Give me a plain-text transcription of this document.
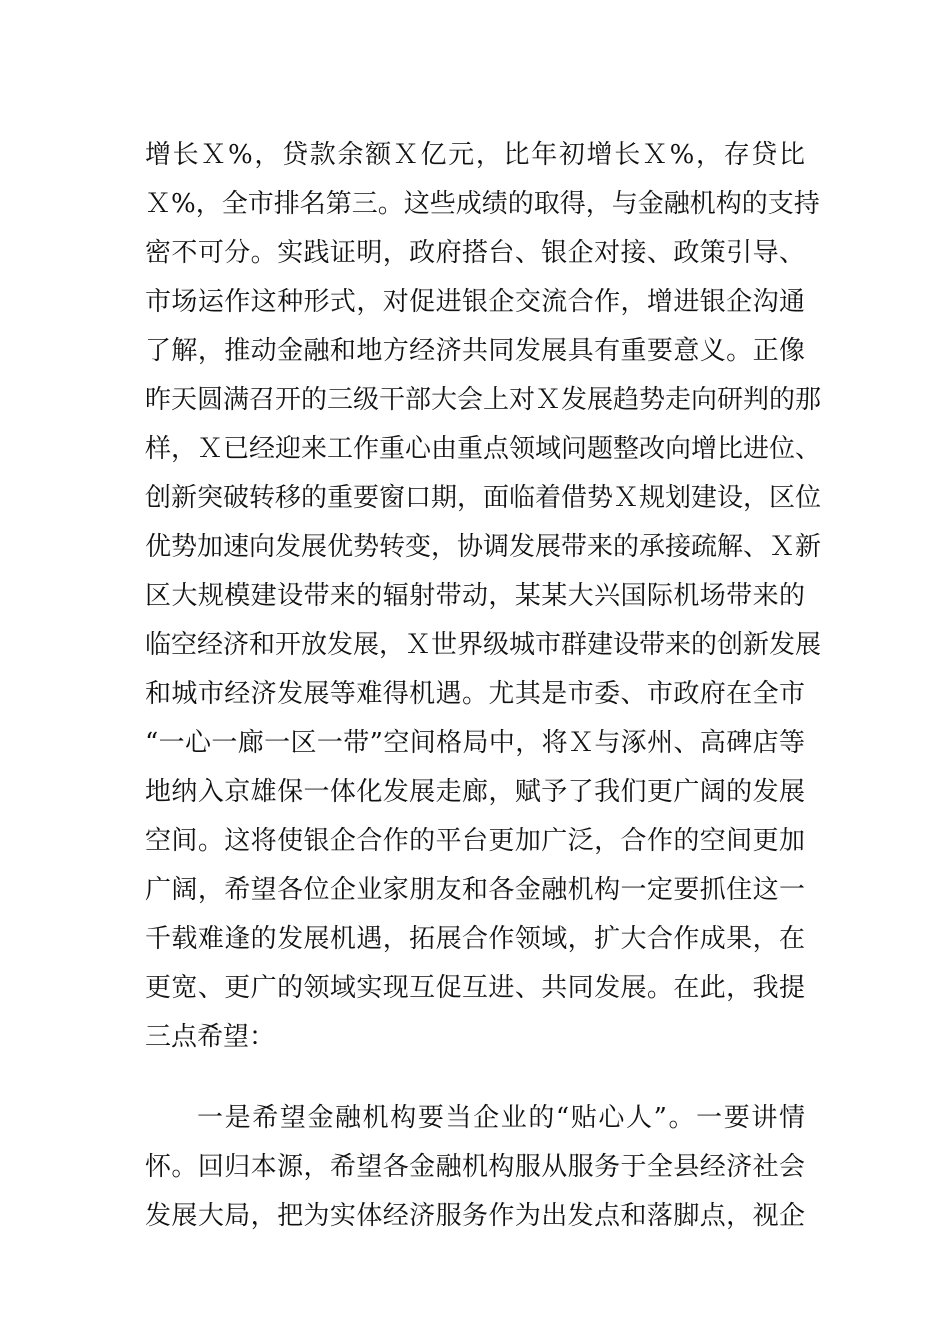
增长Ｘ%，贷款余额Ｘ亿元，比年初增长Ｘ%，存贷比
Ｘ%，全市排名第三。这些成绩的取得，与金融机构的支持
密不可分。实践证明，政府搭台、银企对接、政策引导、
市场运作这种形式，对促进银企交流合作，增进银企沟通
了解，推动金融和地方经济共同发展具有重要意义。正像
昨天圆满召开的三级干部大会上对Ｘ发展趋势走向研判的那
样，Ｘ已经迎来工作重心由重点领域问题整改向增比进位、
创新突破转移的重要窗口期，面临着借势Ｘ规划建设，区位
优势加速向发展优势转变，协调发展带来的承接疏解、Ｘ新
区大规模建设带来的辐射带动，某某大兴国际机场带来的
临空经济和开放发展，Ｘ世界级城市群建设带来的创新发展
和城市经济发展等难得机遇。尤其是市委、市政府在全市
“一心一廊一区一带”空间格局中，将Ｘ与涿州、高碑店等
地纳入京雄保一体化发展走廊，赋予了我们更广阔的发展
空间。这将使银企合作的平台更加广泛，合作的空间更加
广阔，希望各位企业家朋友和各金融机构一定要抓住这一
千载难逢的发展机遇，拓展合作领域，扩大合作成果，在
更宽、更广的领域实现互促互进、共同发展。在此，我提
三点希望：
一是希望金融机构要当企业的“贴心人”。一要讲情
怀。回归本源，希望各金融机构服从服务于全县经济社会
发展大局，把为实体经济服务作为出发点和落脚点，视企
